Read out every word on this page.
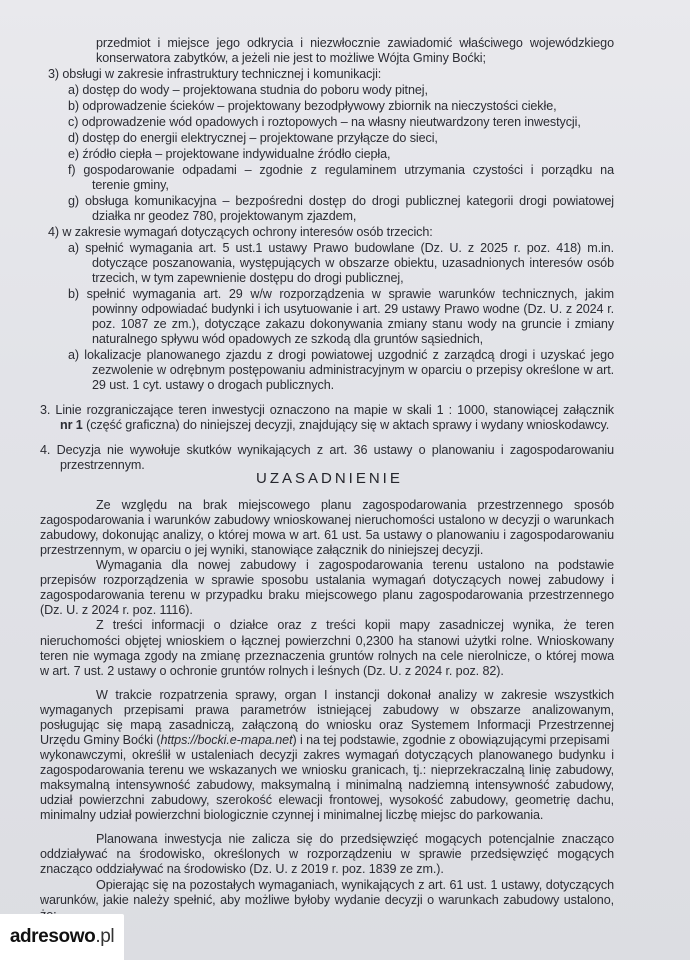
przedmiot i miejsce jego odkrycia i niezwłocznie zawiadomić właściwego wojewódzkiego
konserwatora zabytków, a jeżeli nie jest to możliwe Wójta Gminy Boćki;
3) obsługi w zakresie infrastruktury technicznej i komunikacji:
a) dostęp do wody – projektowana studnia do poboru wody pitnej,
b) odprowadzenie ścieków – projektowany bezodpływowy zbiornik na nieczystości ciekłe,
c) odprowadzenie wód opadowych i roztopowych – na własny nieutwardzony teren inwestycji,
d) dostęp do energii elektrycznej – projektowane przyłącze do sieci,
e) źródło ciepła – projektowane indywidualne źródło ciepła,
f) gospodarowanie odpadami – zgodnie z regulaminem utrzymania czystości i porządku na
terenie gminy,
g) obsługa komunikacyjna – bezpośredni dostęp do drogi publicznej kategorii drogi powiatowej
działka nr geodez 780, projektowanym zjazdem,
4) w zakresie wymagań dotyczących ochrony interesów osób trzecich:
a) spełnić wymagania art. 5 ust.1 ustawy Prawo budowlane (Dz. U. z 2025 r. poz. 418) m.in.
dotyczące poszanowania, występujących w obszarze obiektu, uzasadnionych interesów osób
trzecich, w tym zapewnienie dostępu do drogi publicznej,
b) spełnić wymagania art. 29 w/w rozporządzenia w sprawie warunków technicznych, jakim
powinny odpowiadać budynki i ich usytuowanie i art. 29 ustawy Prawo wodne (Dz. U. z 2024 r.
poz. 1087 ze zm.), dotyczące zakazu dokonywania zmiany stanu wody na gruncie i zmiany
naturalnego spływu wód opadowych ze szkodą dla gruntów sąsiednich,
a) lokalizacje planowanego zjazdu z drogi powiatowej uzgodnić z zarządcą drogi i uzyskać jego
zezwolenie w odrębnym postępowaniu administracyjnym w oparciu o przepisy określone w art.
29 ust. 1 cyt. ustawy o drogach publicznych.
3. Linie rozgraniczające teren inwestycji oznaczono na mapie w skali 1 : 1000, stanowiącej załącznik
nr 1 (część graficzna) do niniejszej decyzji, znajdujący się w aktach sprawy i wydany wnioskodawcy.
4. Decyzja nie wywołuje skutków wynikających z art. 36 ustawy o planowaniu i zagospodarowaniu
przestrzennym.
UZASADNIENIE
Ze względu na brak miejscowego planu zagospodarowania przestrzennego sposób
zagospodarowania i warunków zabudowy wnioskowanej nieruchomości ustalono w decyzji o warunkach
zabudowy, dokonując analizy, o której mowa w art. 61 ust. 5a ustawy o planowaniu i zagospodarowaniu
przestrzennym, w oparciu o jej wyniki, stanowiące załącznik do niniejszej decyzji.
Wymagania dla nowej zabudowy i zagospodarowania terenu ustalono na podstawie
przepisów rozporządzenia w sprawie sposobu ustalania wymagań dotyczących nowej zabudowy i
zagospodarowania terenu w przypadku braku miejscowego planu zagospodarowania przestrzennego
(Dz. U. z 2024 r. poz. 1116).
Z treści informacji o działce oraz z treści kopii mapy zasadniczej wynika, że teren
nieruchomości objętej wnioskiem o łącznej powierzchni 0,2300 ha stanowi użytki rolne. Wnioskowany
teren nie wymaga zgody na zmianę przeznaczenia gruntów rolnych na cele nierolnicze, o której mowa
w art. 7 ust. 2 ustawy o ochronie gruntów rolnych i leśnych (Dz. U. z 2024 r. poz. 82).
W trakcie rozpatrzenia sprawy, organ I instancji dokonał analizy w zakresie wszystkich
wymaganych przepisami prawa parametrów istniejącej zabudowy w obszarze analizowanym,
posługując się mapą zasadniczą, załączoną do wniosku oraz Systemem Informacji Przestrzennej
Urzędu Gminy Boćki (https://bocki.e-mapa.net) i na tej podstawie, zgodnie z obowiązującymi przepisami
wykonawczymi, określił w ustaleniach decyzji zakres wymagań dotyczących planowanego budynku i
zagospodarowania terenu we wskazanych we wniosku granicach, tj.: nieprzekraczalną linię zabudowy,
maksymalną intensywność zabudowy, maksymalną i minimalną nadziemną intensywność zabudowy,
udział powierzchni zabudowy, szerokość elewacji frontowej, wysokość zabudowy, geometrię dachu,
minimalny udział powierzchni biologicznie czynnej i minimalnej liczbę miejsc do parkowania.
Planowana inwestycja nie zalicza się do przedsięwzięć mogących potencjalnie znacząco
oddziaływać na środowisko, określonych w rozporządzeniu w sprawie przedsięwzięć mogących
znacząco oddziaływać na środowisko (Dz. U. z 2019 r. poz. 1839 ze zm.).
Opierając się na pozostałych wymaganiach, wynikających z art. 61 ust. 1 ustawy, dotyczących
warunków, jakie należy spełnić, aby możliwe byłoby wydanie decyzji o warunkach zabudowy ustalono,
adresowo .pl
